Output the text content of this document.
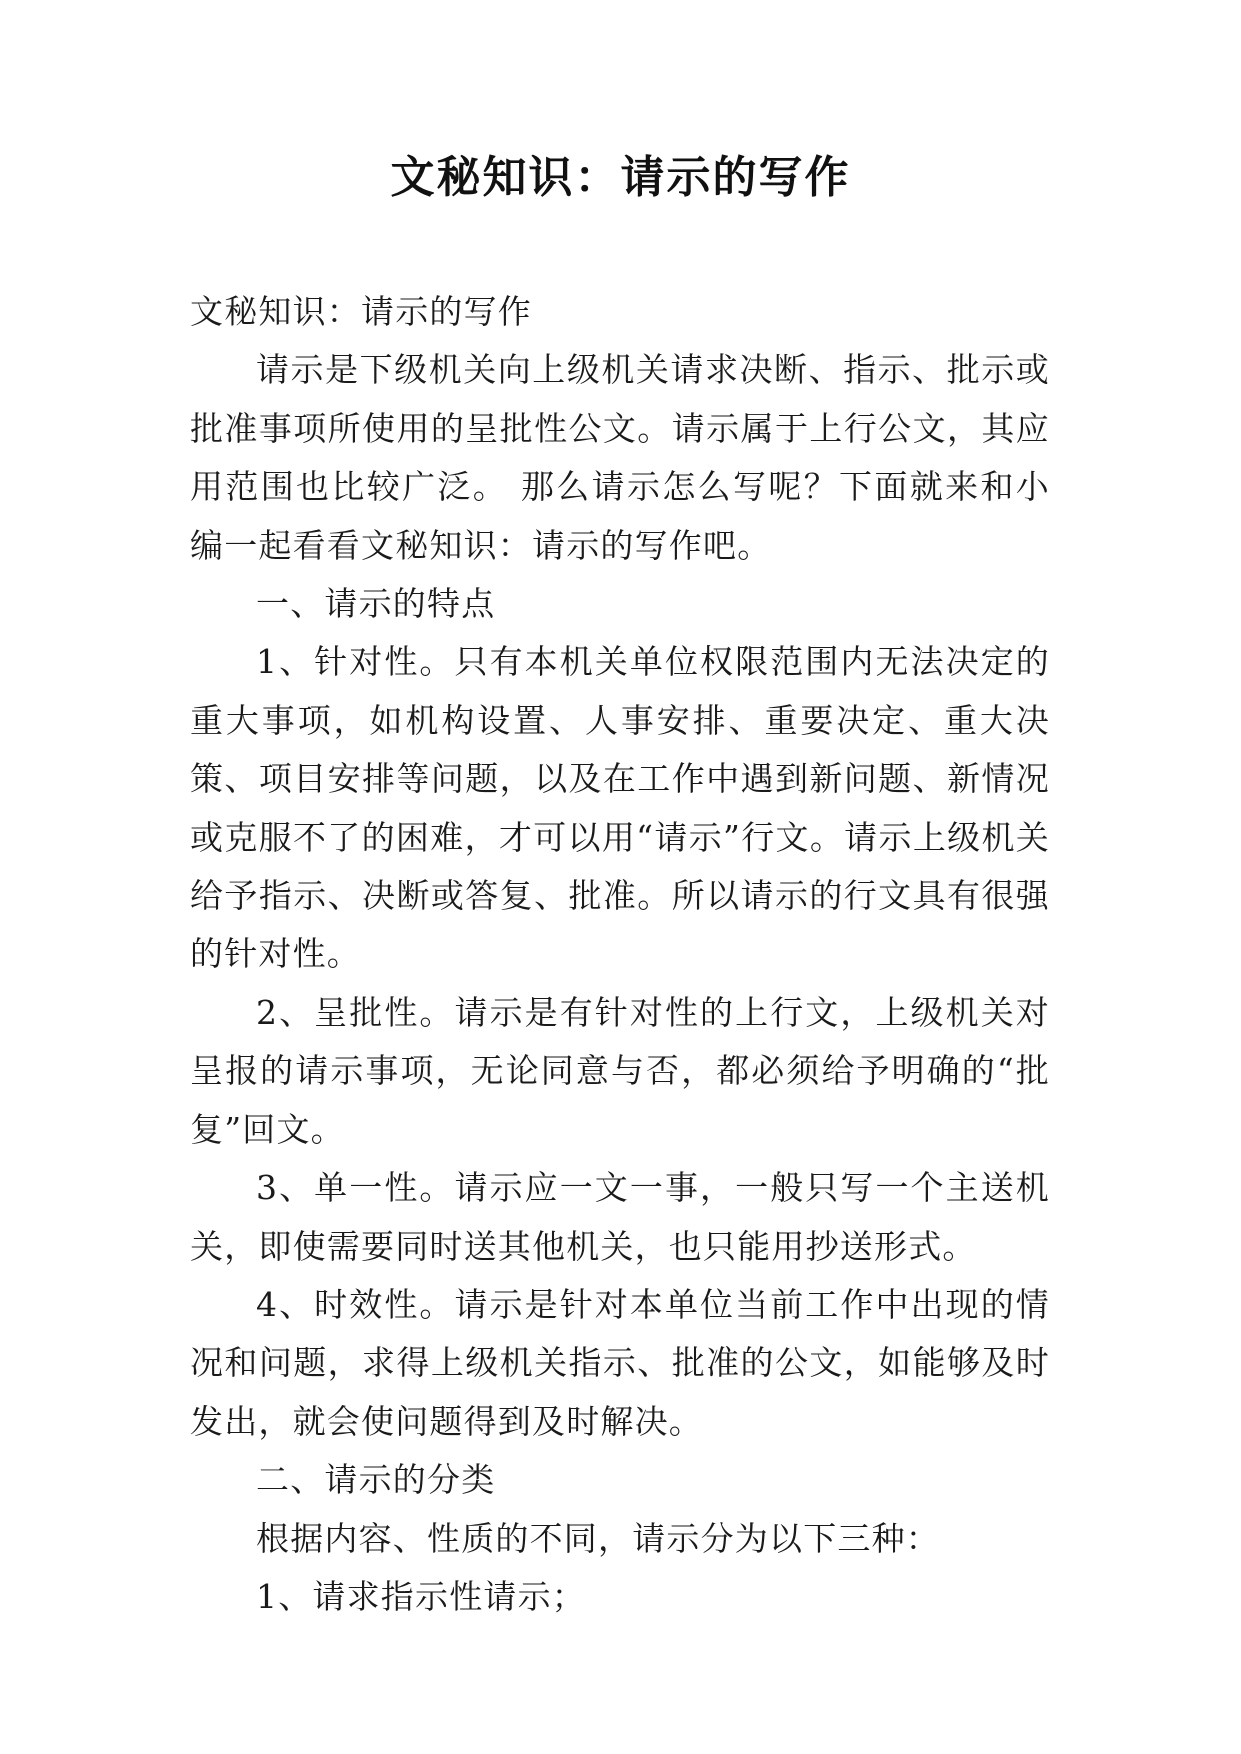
文秘知识：请示的写作

文秘知识：请示的写作

请示是下级机关向上级机关请求决断、指示、批示或批准事项所使用的呈批性公文。请示属于上行公文，其应用范围也比较广泛。 那么请示怎么写呢？下面就来和小编一起看看文秘知识：请示的写作吧。

一、请示的特点

1、针对性。只有本机关单位权限范围内无法决定的重大事项，如机构设置、人事安排、重要决定、重大决策、项目安排等问题，以及在工作中遇到新问题、新情况或克服不了的困难，才可以用“请示”行文。请示上级机关给予指示、决断或答复、批准。所以请示的行文具有很强的针对性。

2、呈批性。请示是有针对性的上行文，上级机关对呈报的请示事项，无论同意与否，都必须给予明确的“批复”回文。

3、单一性。请示应一文一事，一般只写一个主送机关，即使需要同时送其他机关，也只能用抄送形式。

4、时效性。请示是针对本单位当前工作中出现的情况和问题，求得上级机关指示、批准的公文，如能够及时发出，就会使问题得到及时解决。

二、请示的分类

根据内容、性质的不同，请示分为以下三种：

1、请求指示性请示；
